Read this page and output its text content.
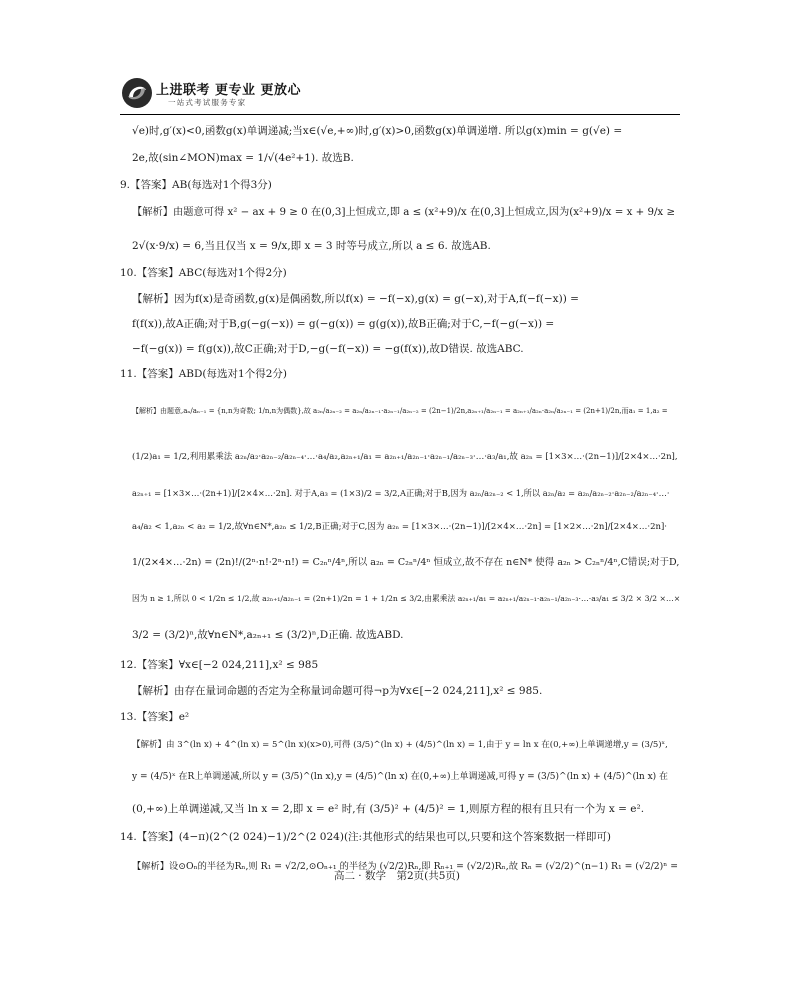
上进联考 更专业 更放心
一站式考试服务专家
√e)时,g′(x)<0,函数g(x)单调递减;当x∈(√e,+∞)时,g′(x)>0,函数g(x)单调递增. 所以g(x)min = g(√e) =
2e,故(sin∠MON)max = 1/√(4e²+1). 故选B.
9.【答案】AB(每选对1个得3分)
【解析】由题意可得 x² − ax + 9 ≥ 0 在(0,3]上恒成立,即 a ≤ (x²+9)/x 在(0,3]上恒成立,因为(x²+9)/x = x + 9/x ≥
2√(x·9/x) = 6,当且仅当 x = 9/x,即 x = 3 时等号成立,所以 a ≤ 6. 故选AB.
10.【答案】ABC(每选对1个得2分)
【解析】因为f(x)是奇函数,g(x)是偶函数,所以f(x) = −f(−x),g(x) = g(−x),对于A,f(−f(−x)) =
f(f(x)),故A正确;对于B,g(−g(−x)) = g(−g(x)) = g(g(x)),故B正确;对于C,−f(−g(−x)) =
−f(−g(x)) = f(g(x)),故C正确;对于D,−g(−f(−x)) = −g(f(x)),故D错误. 故选ABC.
11.【答案】ABD(每选对1个得2分)
【解析】由题意,aₙ/aₙ₋₁ = {n,n为奇数; 1/n,n为偶数},故 a₂ₙ/a₂ₙ₋₂ = a₂ₙ/a₂ₙ₋₁·a₂ₙ₋₁/a₂ₙ₋₂ = (2n−1)/2n,a₂ₙ₊₁/a₂ₙ₋₁ = a₂ₙ₊₁/a₂ₙ·a₂ₙ/a₂ₙ₋₁ = (2n+1)/2n,而a₁ = 1,a₂ =
(1/2)a₁ = 1/2,利用累乘法 a₂ₙ/a₂·a₂ₙ₋₂/a₂ₙ₋₄·…·a₄/a₂,a₂ₙ₊₁/a₁ = a₂ₙ₊₁/a₂ₙ₋₁·a₂ₙ₋₁/a₂ₙ₋₃·…·a₃/a₁,故 a₂ₙ = [1×3×…·(2n−1)]/[2×4×…·2n],
a₂ₙ₊₁ = [1×3×…·(2n+1)]/[2×4×…·2n]. 对于A,a₃ = (1×3)/2 = 3/2,A正确;对于B,因为 a₂ₙ/a₂ₙ₋₂ < 1,所以 a₂ₙ/a₂ = a₂ₙ/a₂ₙ₋₂·a₂ₙ₋₂/a₂ₙ₋₄·…·
a₄/a₂ < 1,a₂ₙ < a₂ = 1/2,故∀n∈N*,a₂ₙ ≤ 1/2,B正确;对于C,因为 a₂ₙ = [1×3×…·(2n−1)]/[2×4×…·2n] = [1×2×…·2n]/[2×4×…·2n]·
1/(2×4×…·2n) = (2n)!/(2ⁿ·n!·2ⁿ·n!) = C₂ₙⁿ/4ⁿ,所以 a₂ₙ = C₂ₙⁿ/4ⁿ 恒成立,故不存在 n∈N* 使得 a₂ₙ > C₂ₙⁿ/4ⁿ,C错误;对于D,
因为 n ≥ 1,所以 0 < 1/2n ≤ 1/2,故 a₂ₙ₊₁/a₂ₙ₋₁ = (2n+1)/2n = 1 + 1/2n ≤ 3/2,由累乘法 a₂ₙ₊₁/a₁ = a₂ₙ₊₁/a₂ₙ₋₁·a₂ₙ₋₁/a₂ₙ₋₃·…·a₃/a₁ ≤ 3/2 × 3/2 ×…×
3/2 = (3/2)ⁿ,故∀n∈N*,a₂ₙ₊₁ ≤ (3/2)ⁿ,D正确. 故选ABD.
12.【答案】∀x∈[−2 024,211],x² ≤ 985
【解析】由存在量词命题的否定为全称量词命题可得¬p为∀x∈[−2 024,211],x² ≤ 985.
13.【答案】e²
【解析】由 3^(ln x) + 4^(ln x) = 5^(ln x)(x>0),可得 (3/5)^(ln x) + (4/5)^(ln x) = 1,由于 y = ln x 在(0,+∞)上单调递增,y = (3/5)ˣ,
y = (4/5)ˣ 在R上单调递减,所以 y = (3/5)^(ln x),y = (4/5)^(ln x) 在(0,+∞)上单调递减,可得 y = (3/5)^(ln x) + (4/5)^(ln x) 在
(0,+∞)上单调递减,又当 ln x = 2,即 x = e² 时,有 (3/5)² + (4/5)² = 1,则原方程的根有且只有一个为 x = e².
14.【答案】(4−π)(2^(2 024)−1)/2^(2 024)(注:其他形式的结果也可以,只要和这个答案数据一样即可)
【解析】设⊙Oₙ的半径为Rₙ,则 R₁ = √2/2,⊙Oₙ₊₁ 的半径为 (√2/2)Rₙ,即 Rₙ₊₁ = (√2/2)Rₙ,故 Rₙ = (√2/2)^(n−1) R₁ = (√2/2)ⁿ =
高二 · 数学　第2页(共5页)
